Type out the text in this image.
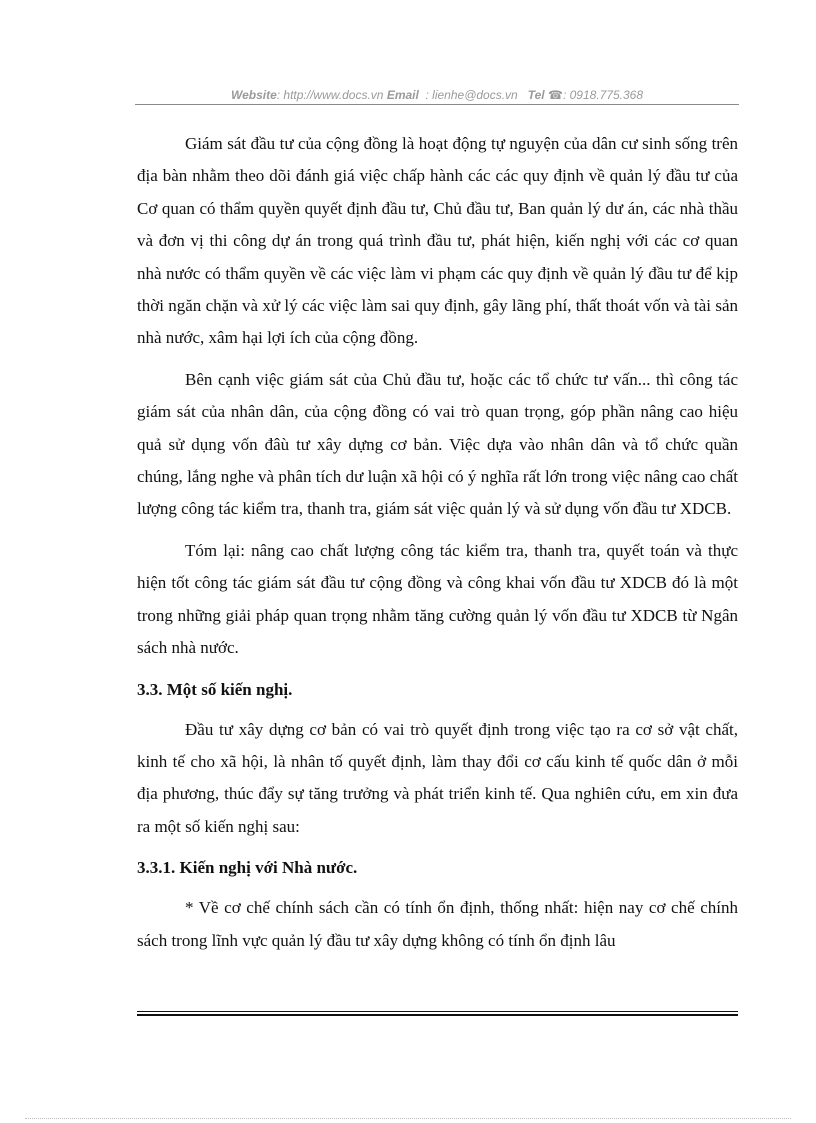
Website: http://www.docs.vn Email : lienhe@docs.vn Tel ☎: 0918.775.368

Giám sát đầu tư của cộng đồng là hoạt động tự nguyện của dân cư sinh sống trên địa bàn nhằm theo dõi đánh giá việc chấp hành các các quy định về quản lý đầu tư của Cơ quan có thẩm quyền quyết định đầu tư, Chủ đầu tư, Ban quản lý dư án, các nhà thầu và đơn vị thi công dự án trong quá trình đầu tư, phát hiện, kiến nghị với các cơ quan nhà nước có thẩm quyền về các việc làm vi phạm các quy định về quản lý đầu tư để kịp thời ngăn chặn và xử lý các việc làm sai quy định, gây lãng phí, thất thoát vốn và tài sản nhà nước, xâm hại lợi ích của cộng đồng.

Bên cạnh việc giám sát của Chủ đầu tư, hoặc các tổ chức tư vấn... thì công tác giám sát của nhân dân, của cộng đồng có vai trò quan trọng, góp phần nâng cao hiệu quả sử dụng vốn đâù tư xây dựng cơ bản. Việc dựa vào nhân dân và tổ chức quần chúng, lắng nghe và phân tích dư luận xã hội có ý nghĩa rất lớn trong việc nâng cao chất lượng công tác kiểm tra, thanh tra, giám sát việc quản lý và sử dụng vốn đầu tư XDCB.

Tóm lại: nâng cao chất lượng công tác kiểm tra, thanh tra, quyết toán và thực hiện tốt công tác giám sát đầu tư cộng đồng và công khai vốn đầu tư XDCB đó là một trong những giải pháp quan trọng nhằm tăng cường quản lý vốn đầu tư XDCB từ Ngân sách nhà nước.

3.3. Một số kiến nghị.

Đầu tư xây dựng cơ bản có vai trò quyết định trong việc tạo ra cơ sở vật chất, kinh tế cho xã hội, là nhân tố quyết định, làm thay đổi cơ cấu kinh tế quốc dân ở mỗi địa phương, thúc đẩy sự tăng trưởng và phát triển kinh tế. Qua nghiên cứu, em xin đưa ra một số kiến nghị sau:

3.3.1. Kiến nghị với Nhà nước.

* Về cơ chế chính sách cần có tính ổn định, thống nhất: hiện nay cơ chế chính sách trong lĩnh vực quản lý đầu tư xây dựng không có tính ổn định lâu
